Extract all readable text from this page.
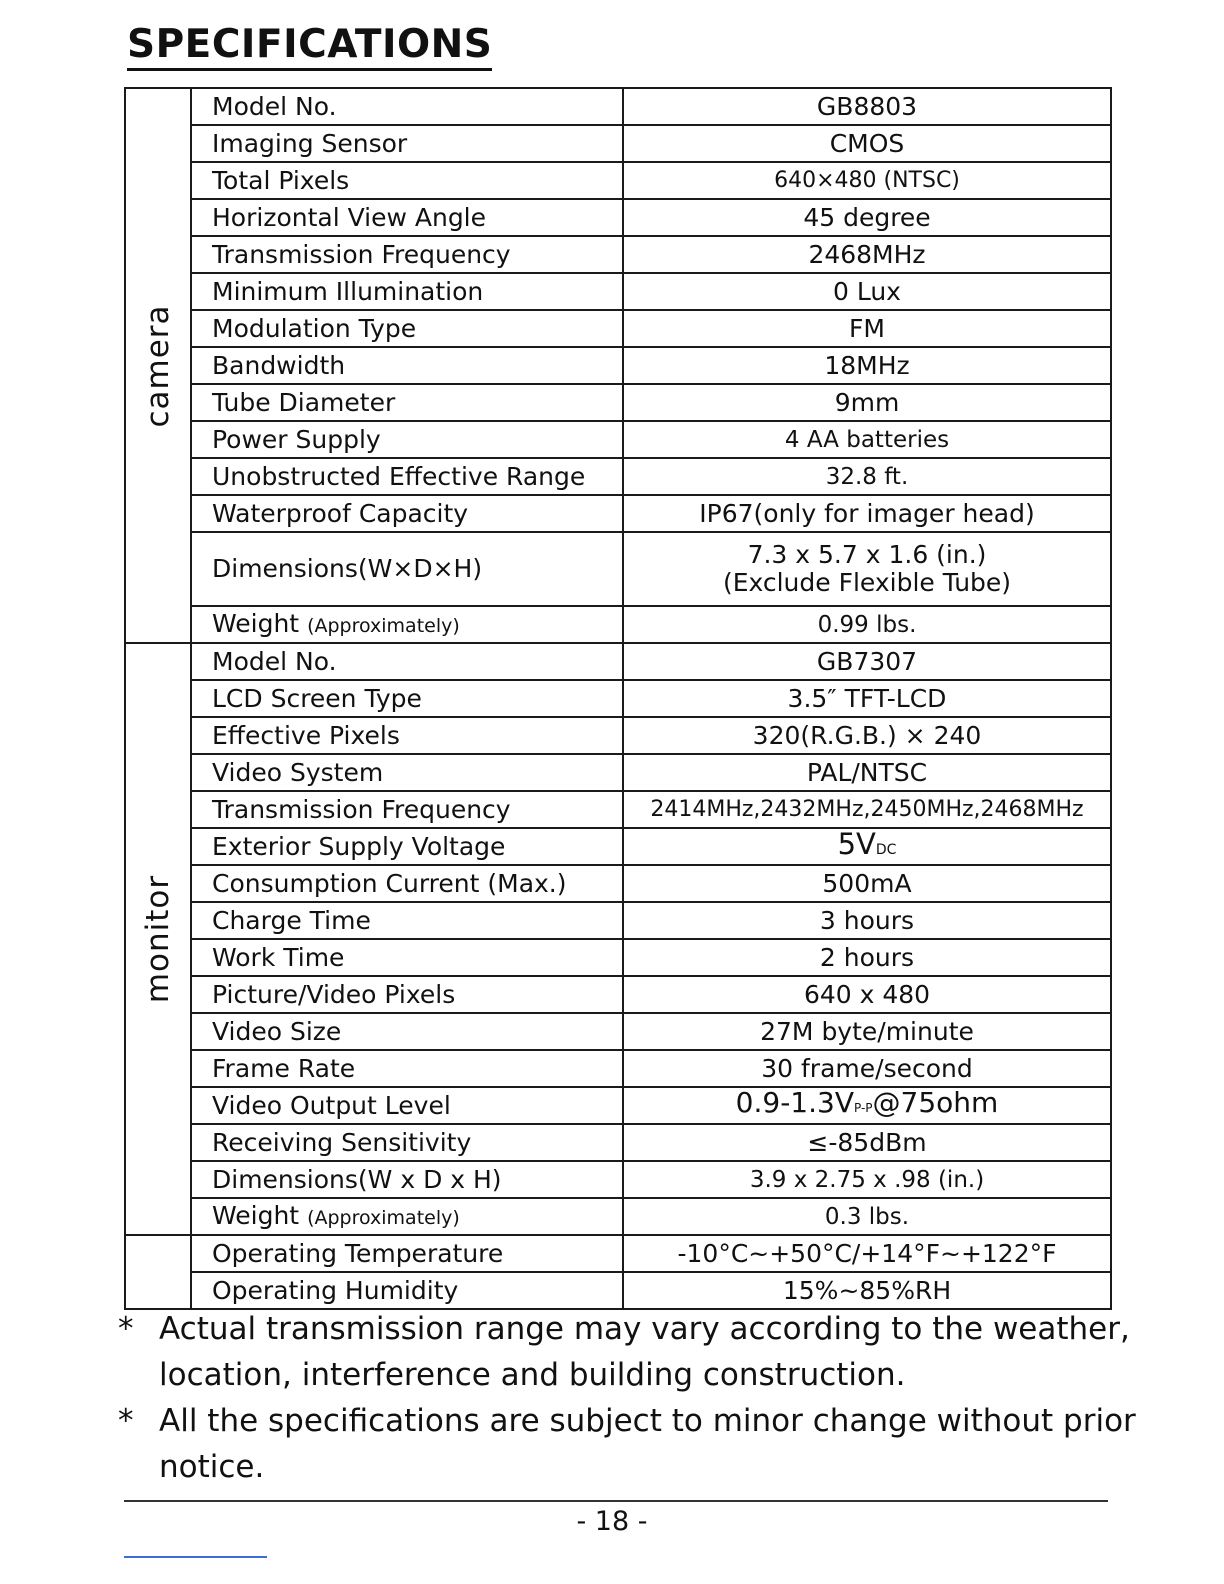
SPECIFICATIONS
camera	Model No.	GB8803
	Imaging Sensor	CMOS
	Total Pixels	640×480 (NTSC)
	Horizontal View Angle	45 degree
	Transmission Frequency	2468MHz
	Minimum Illumination	0 Lux
	Modulation Type	FM
	Bandwidth	18MHz
	Tube Diameter	9mm
	Power Supply	4 AA batteries
	Unobstructed Effective Range	32.8 ft.
	Waterproof Capacity	IP67(only for imager head)
	Dimensions(W×D×H)	7.3 x 5.7 x 1.6 (in.)
(Exclude Flexible Tube)

	Weight (Approximately)	0.99 lbs.

monitor	Model No.	GB7307
	LCD Screen Type	3.5″ TFT-LCD
	Effective Pixels	320(R.G.B.) × 240
	Video System	PAL/NTSC
	Transmission Frequency	2414MHz,2432MHz,2450MHz,2468MHz
	Exterior Supply Voltage	5VDC
	Consumption Current (Max.)	500mA
	Charge Time	3 hours
	Work Time	2 hours
	Picture/Video Pixels	640 x 480
	Video Size	27M byte/minute
	Frame Rate	30 frame/second
	Video Output Level	0.9-1.3VP-P@75ohm
	Receiving Sensitivity	≤-85dBm
	Dimensions(W x D x H)	3.9 x 2.75 x .98 (in.)
	Weight (Approximately)	0.3 lbs.
	Operating Temperature	-10°C~+50°C/+14°F~+122°F
	Operating Humidity	15%~85%RH
* Actual transmission range may vary according to the weather, location, interference and building construction.
* All the specifications are subject to minor change without prior notice.
- 18 -
